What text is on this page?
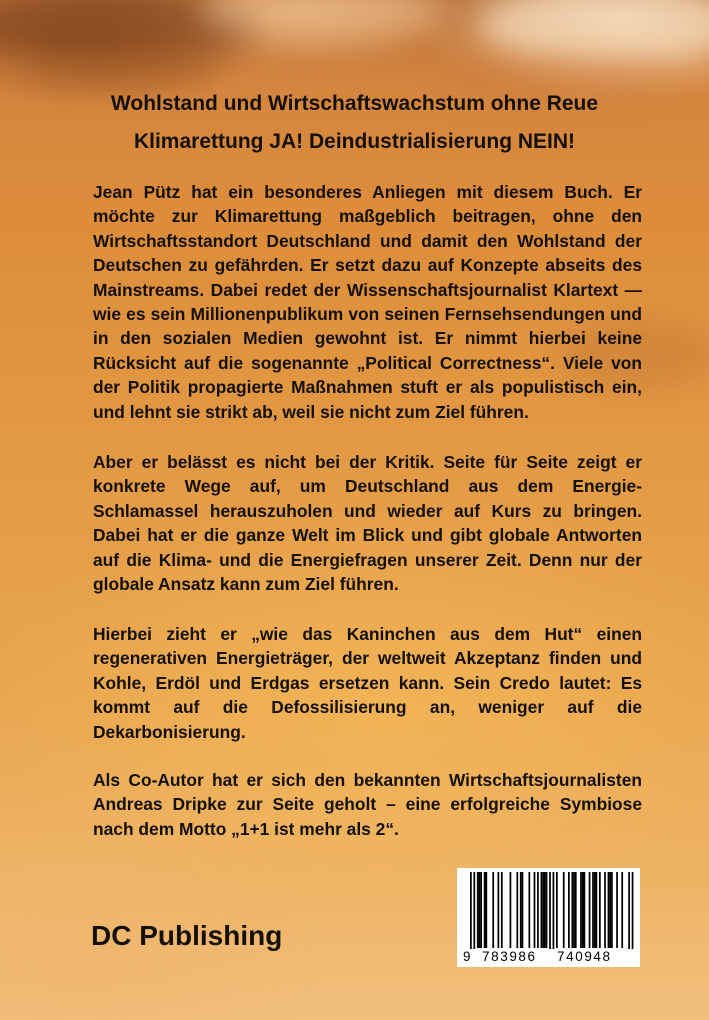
Wohlstand und Wirtschaftswachstum ohne Reue
Klimarettung JA! Deindustrialisierung NEIN!

Jean Pütz hat ein besonderes Anliegen mit diesem Buch. Er möchte zur Klimarettung maßgeblich beitragen, ohne den Wirtschaftsstandort Deutschland und damit den Wohlstand der Deutschen zu gefährden. Er setzt dazu auf Konzepte abseits des Mainstreams. Dabei redet der Wissenschaftsjournalist Klartext — wie es sein Millionenpublikum von seinen Fernsehsendungen und in den sozialen Medien gewohnt ist. Er nimmt hierbei keine Rücksicht auf die sogenannte „Political Correctness“. Viele von der Politik propagierte Maßnahmen stuft er als populistisch ein, und lehnt sie strikt ab, weil sie nicht zum Ziel führen.

Aber er belässt es nicht bei der Kritik. Seite für Seite zeigt er konkrete Wege auf, um Deutschland aus dem Energie-Schlamassel herauszuholen und wieder auf Kurs zu bringen. Dabei hat er die ganze Welt im Blick und gibt globale Antworten auf die Klima- und die Energiefragen unserer Zeit. Denn nur der globale Ansatz kann zum Ziel führen.

Hierbei zieht er „wie das Kaninchen aus dem Hut“ einen regenerativen Energieträger, der weltweit Akzeptanz finden und Kohle, Erdöl und Erdgas ersetzen kann. Sein Credo lautet: Es kommt auf die Defossilisierung an, weniger auf die Dekarbonisierung.

Als Co-Autor hat er sich den bekannten Wirtschaftsjournalisten Andreas Dripke zur Seite geholt – eine erfolgreiche Symbiose nach dem Motto „1+1 ist mehr als 2“.

DC Publishing
9 783986 740948
